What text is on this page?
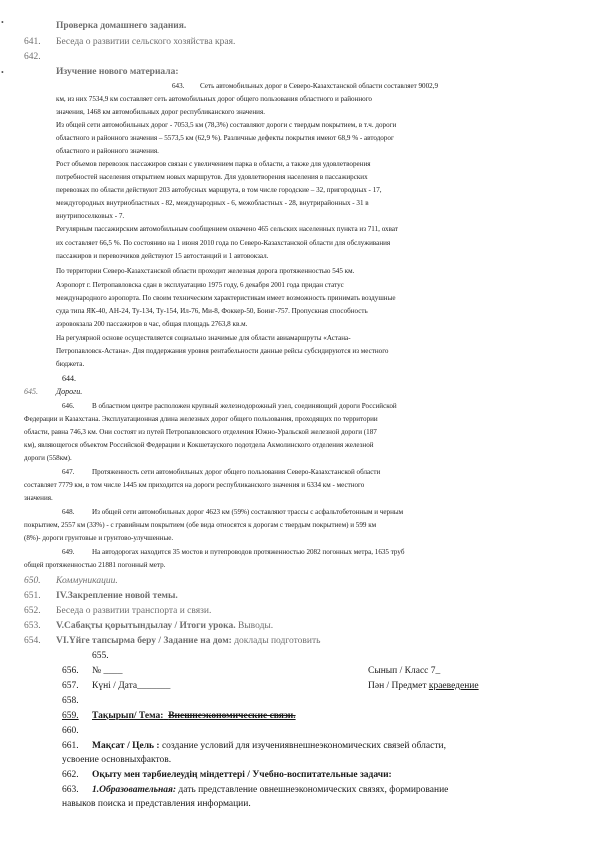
•
•
Проверка домашнего задания.
641. Беседа о развитии сельского хозяйства края.
642.
Изучение нового материала:
643. Сеть автомобильных дорог в Северо-Казахстанской области составляет 9002,9
км, из них 7534,9 км составляет сеть автомобильных дорог общего пользования областного и районного
значения, 1468 км автомобильных дорог республиканского значения.
Из общей сети автомобильных дорог - 7053,5 км (78,3%) составляют дороги с твердым покрытием, в т.ч. дороги
областного и районного значения – 5573,5 км (62,9 %). Различные дефекты покрытия имеют 68,9 % - автодорог
областного и районного значения.
Рост объемов перевозок пассажиров связан с увеличением парка в области, а также для удовлетворения
потребностей населения открытием новых маршрутов. Для удовлетворения населения в пассажирских
перевозках по области действуют 203 автобусных маршрута, в том числе городские – 32, пригородных - 17,
междугородных внутриобластных - 82, международных - 6, межобластных - 28, внутрирайонных - 31 в
внутрипоселковых - 7.
Регулярным пассажирским автомобильным сообщением охвачено 465 сельских населенных пункта из 711, охват
их составляет 66,5 %. По состоянию на 1 июня 2010 года по Северо-Казахстанской области для обслуживания
пассажиров и перевозчиков действуют 15 автостанций и 1 автовокзал.
По территории Северо-Казахстанской области проходит железная дорога протяженностью 545 км.
Аэропорт г. Петропавловска сдан в эксплуатацию 1975 году, 6 декабря 2001 года придан статус
международного аэропорта. По своим техническим характеристикам имеет возможность принимать воздушные
суда типа ЯК-40, АН-24, Ту-134, Ту-154, Ил-76, Ми-8, Фоккер-50, Боинг-757. Пропускная способность
аэровокзала 200 пассажиров в час, общая площадь 2763,8 кв.м.
На регулярной основе осуществляется социально значимые для области авиамаршруты «Астана-
Петропавловск-Астана». Для поддержания уровня рентабельности данные рейсы субсидируются из местного
бюджета.
644.
645. Дороги.
646. В областном центре расположен крупный железнодорожный узел, соединяющий дороги Российской
Федерации и Казахстана. Эксплуатационная длина железных дорог общего пользования, проходящих по территории
области, равна 746,3 км. Они состоят из путей Петропавловского отделения Южно-Уральской железной дороги (187
км), являющегося объектом Российской Федерации и Кокшетауского подотдела Акмолинского отделения железной
дороги (558км).
647. Протяженность сети автомобильных дорог общего пользования Северо-Казахстанской области
составляет 7779 км, в том числе 1445 км приходится на дороги республиканского значения и 6334 км - местного
значения.
648. Из общей сети автомобильных дорог 4623 км (59%) составляют трассы с асфальтобетонным и черным
покрытием, 2557 км (33%) - с гравийным покрытием (обе вида относятся к дорогам с твердым покрытием) и 599 км
(8%)- дороги грунтовые и грунтово-улучшенные.
649. На автодорогах находится 35 мостов и путепроводов протяженностью 2082 погонных метра, 1635 труб
общей протяженностью 21881 погонный метр.
650. Коммуникации.
651. IV.Закрепление новой темы.
652. Беседа о развитии транспорта и связи.
653. V.Сабақты қорытындылау / Итоги урока. Выводы.
654. VI.Үйге тапсырма беру / Задание на дом: доклады подготовить
655.
656. № ____	Сынып / Класс 7_
657. Күні / Дата_______	Пән / Предмет краеведение
658.
659. Тақырып/ Тема: Внешнеэкономические связи.
660.
661. Мақсат / Цель : создание условий для изучениявнешнеэкономических связей области,
усвоение основныхфактов.
662. Оқыту мен тәрбиелеудің міндеттері / Учебно-воспитательные задачи:
663. 1.Образовательная: дать представление овнешнеэкономических связях, формирование
навыков поиска и представления информации.
